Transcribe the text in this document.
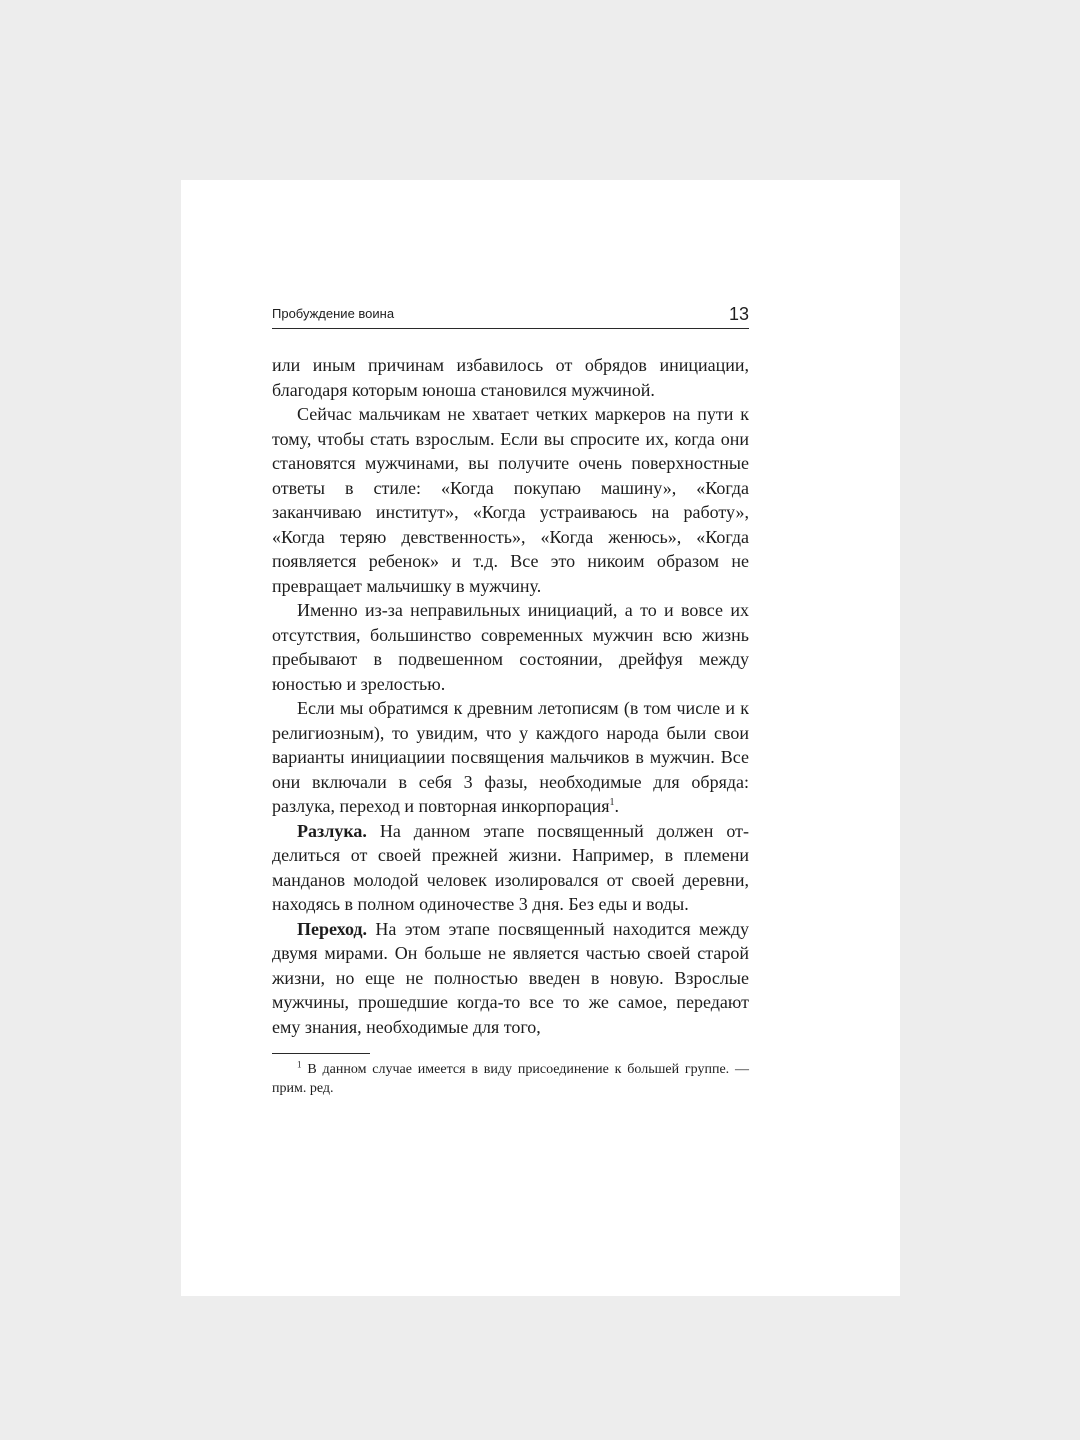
Пробуждение воина	13

или иным причинам избавилось от обрядов инициации, благодаря которым юноша становился мужчиной.

Сейчас мальчикам не хватает четких маркеров на пути к тому, чтобы стать взрослым. Если вы спросите их, когда они становятся мужчинами, вы получите очень поверхностные ответы в стиле: «Когда покупаю машину», «Когда заканчиваю институт», «Когда устраиваюсь на работу», «Когда теряю девственность», «Когда женюсь», «Когда появляется ребенок» и т.д. Все это никоим образом не превращает мальчишку в мужчину.

Именно из-за неправильных инициаций, а то и вовсе их отсутствия, большинство современных мужчин всю жизнь пребывают в подвешенном состоянии, дрейфуя между юностью и зрелостью.

Если мы обратимся к древним летописям (в том числе и к религиозным), то увидим, что у каждого народа были свои варианты инициациии посвящения мальчиков в мужчин. Все они включали в себя 3 фазы, необходимые для обряда: разлука, переход и повторная инкорпорация$^1$.

Разлука. На данном этапе посвященный должен отделиться от своей прежней жизни. Например, в племени манданов молодой человек изолировался от своей деревни, находясь в полном одиночестве 3 дня. Без еды и воды.

Переход. На этом этапе посвященный находится между двумя мирами. Он больше не является частью своей старой жизни, но еще не полностью введен в новую. Взрослые мужчины, прошедшие когда-то все то же самое, передают ему знания, необходимые для того,

$^1$ В данном случае имеется в виду присоединение к большей группе. — прим. ред.
